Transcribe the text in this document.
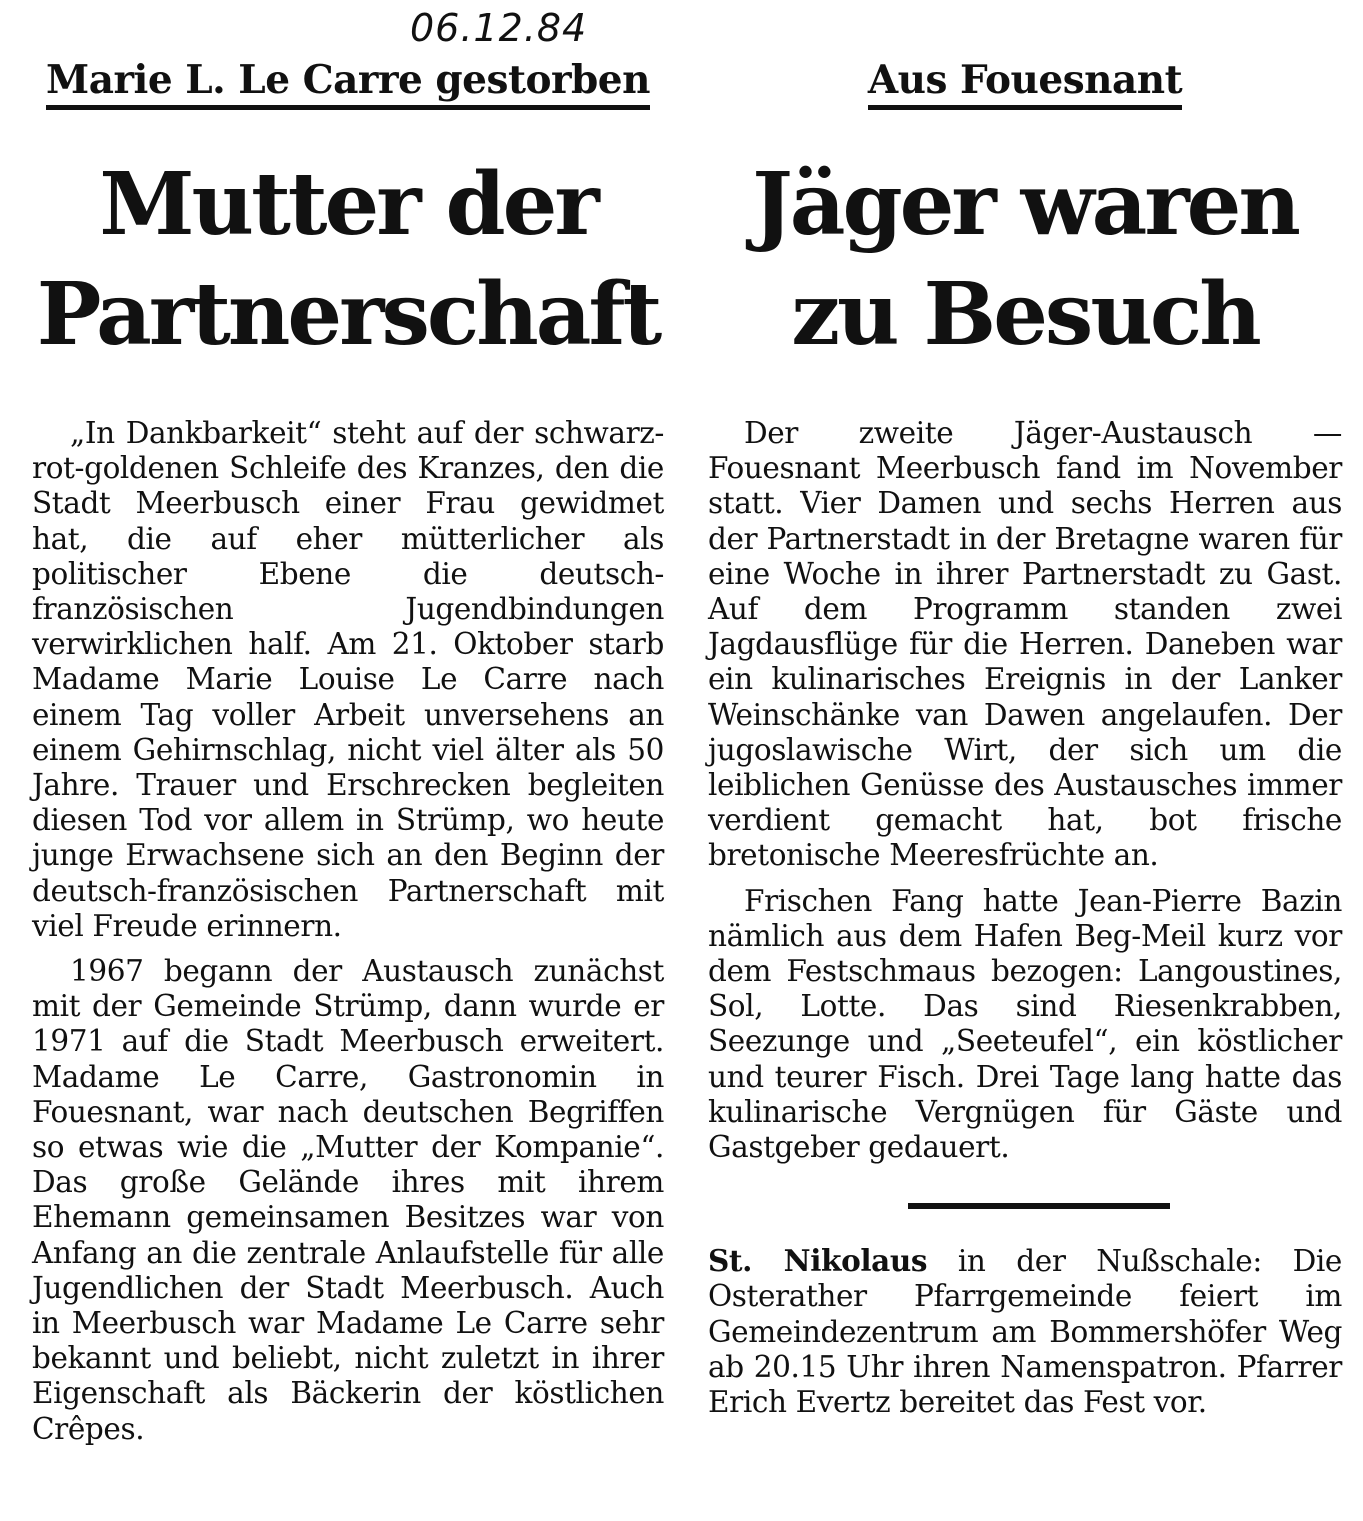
06.12.84
Marie L. Le Carre gestorben
Mutter der
Partnerschaft

„In Dankbarkeit“ steht auf der schwarz-rot-goldenen Schleife des Kranzes, den die Stadt Meerbusch einer Frau gewidmet hat, die auf eher mütterlicher als politischer Ebene die deutsch-französischen Jugendbindungen verwirklichen half. Am 21. Oktober starb Madame Marie Louise Le Carre nach einem Tag voller Arbeit unversehens an einem Gehirnschlag, nicht viel älter als 50 Jahre. Trauer und Erschrecken begleiten diesen Tod vor allem in Strümp, wo heute junge Erwachsene sich an den Beginn der deutsch-französischen Partnerschaft mit viel Freude erinnern.

1967 begann der Austausch zunächst mit der Gemeinde Strümp, dann wurde er 1971 auf die Stadt Meerbusch erweitert. Madame Le Carre, Gastronomin in Fouesnant, war nach deutschen Begriffen so etwas wie die „Mutter der Kompanie“. Das große Gelände ihres mit ihrem Ehemann gemeinsamen Besitzes war von Anfang an die zentrale Anlaufstelle für alle Jugendlichen der Stadt Meerbusch. Auch in Meerbusch war Madame Le Carre sehr bekannt und beliebt, nicht zuletzt in ihrer Eigenschaft als Bäckerin der köstlichen Crêpes.

Aus Fouesnant
Jäger waren
zu Besuch

Der zweite Jäger-Austausch — Fouesnant Meerbusch fand im November statt. Vier Damen und sechs Herren aus der Partnerstadt in der Bretagne waren für eine Woche in ihrer Partnerstadt zu Gast. Auf dem Programm standen zwei Jagdausflüge für die Herren. Daneben war ein kulinarisches Ereignis in der Lanker Weinschänke van Dawen angelaufen. Der jugoslawische Wirt, der sich um die leiblichen Genüsse des Austausches immer verdient gemacht hat, bot frische bretonische Meeresfrüchte an.

Frischen Fang hatte Jean-Pierre Bazin nämlich aus dem Hafen Beg-Meil kurz vor dem Festschmaus bezogen: Langoustines, Sol, Lotte. Das sind Riesenkrabben, Seezunge und „Seeteufel“, ein köstlicher und teurer Fisch. Drei Tage lang hatte das kulinarische Vergnügen für Gäste und Gastgeber gedauert.

St. Nikolaus in der Nußschale: Die Osterather Pfarrgemeinde feiert im Gemeindezentrum am Bommershöfer Weg ab 20.15 Uhr ihren Namenspatron. Pfarrer Erich Evertz bereitet das Fest vor.
